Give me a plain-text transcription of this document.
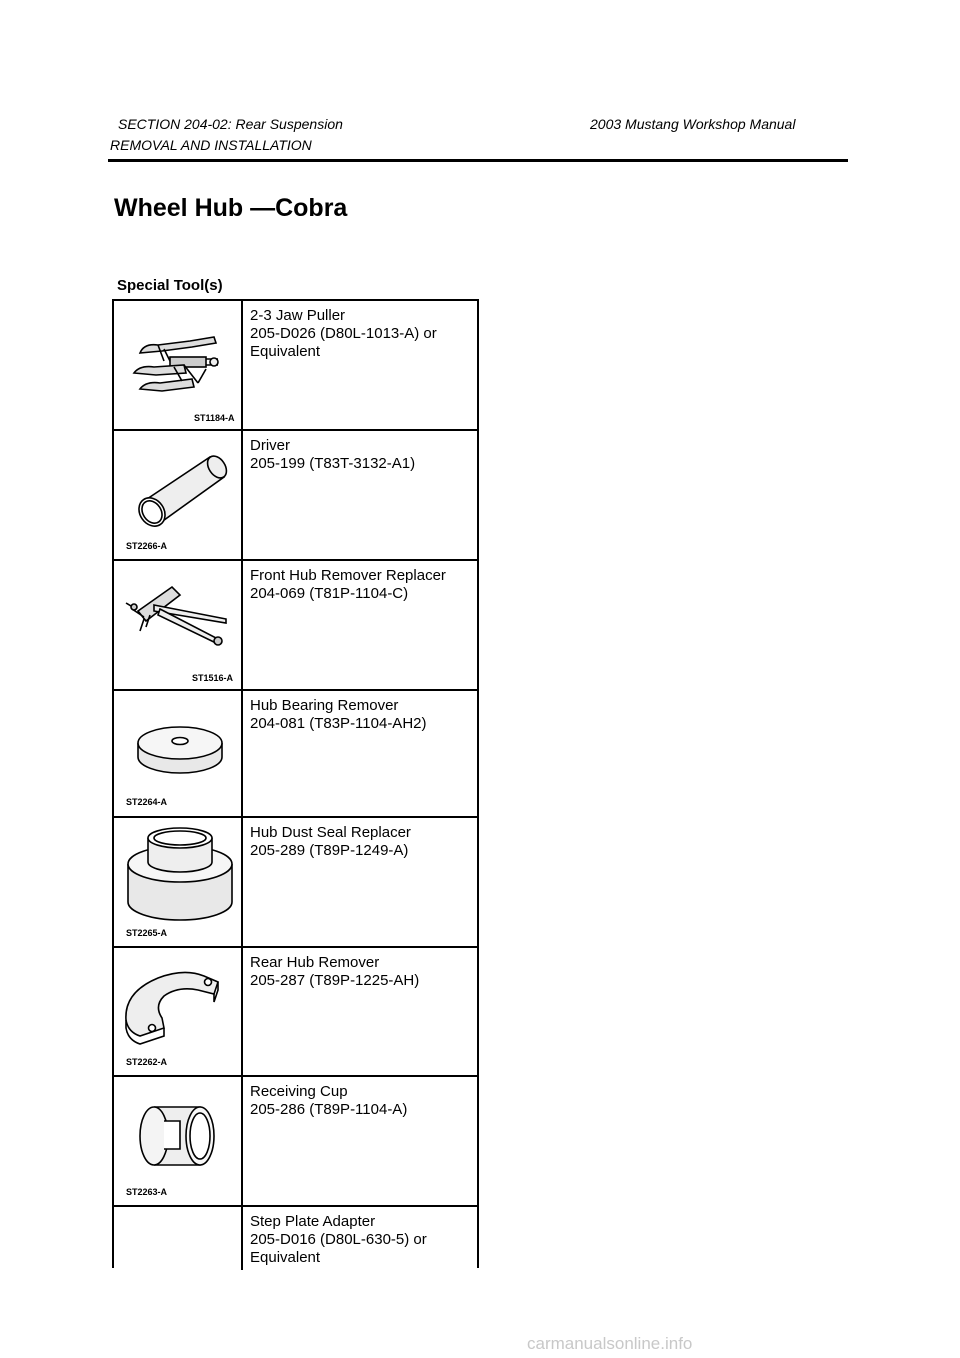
SECTION 204-02: Rear Suspension	2003 Mustang Workshop Manual
REMOVAL AND INSTALLATION
Wheel Hub —Cobra
Special Tool(s)
ST1184-A
2-3 Jaw Puller
205-D026 (D80L-1013-A) or
Equivalent
ST2266-A
Driver
205-199 (T83T-3132-A1)
ST1516-A
Front Hub Remover Replacer
204-069 (T81P-1104-C)
ST2264-A
Hub Bearing Remover
204-081 (T83P-1104-AH2)
ST2265-A
Hub Dust Seal Replacer
205-289 (T89P-1249-A)
ST2262-A
Rear Hub Remover
205-287 (T89P-1225-AH)
ST2263-A
Receiving Cup
205-286 (T89P-1104-A)
Step Plate Adapter
205-D016 (D80L-630-5) or
Equivalent
carmanualsonline.info
